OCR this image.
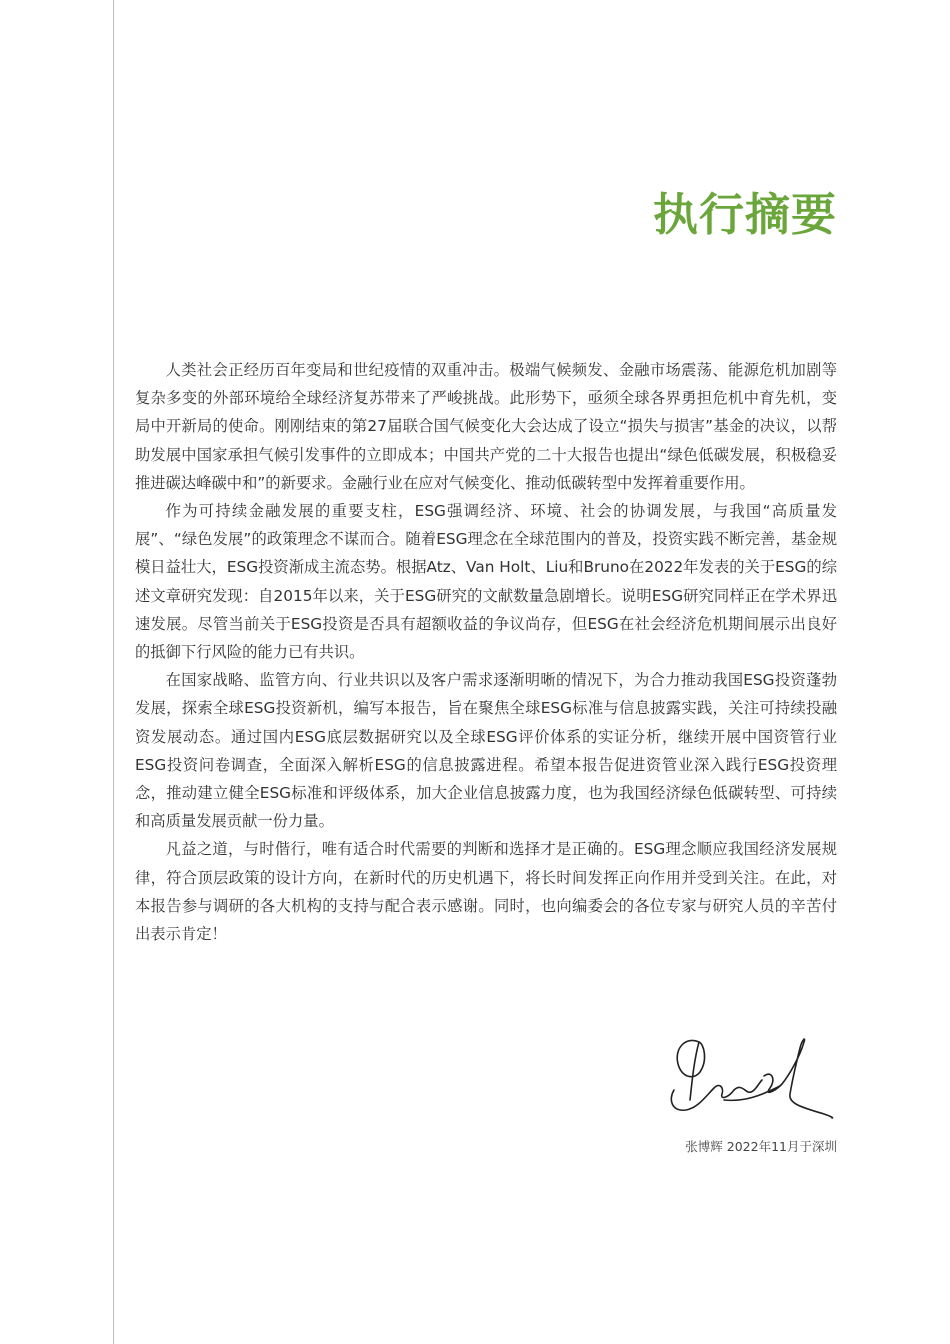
执行摘要

人类社会正经历百年变局和世纪疫情的双重冲击。极端气候频发、金融市场震荡、能源危机加剧等复杂多变的外部环境给全球经济复苏带来了严峻挑战。此形势下，亟须全球各界勇担危机中育先机，变局中开新局的使命。刚刚结束的第27届联合国气候变化大会达成了设立“损失与损害”基金的决议，以帮助发展中国家承担气候引发事件的立即成本；中国共产党的二十大报告也提出“绿色低碳发展，积极稳妥推进碳达峰碳中和”的新要求。金融行业在应对气候变化、推动低碳转型中发挥着重要作用。

作为可持续金融发展的重要支柱，ESG强调经济、环境、社会的协调发展，与我国“高质量发展”、“绿色发展”的政策理念不谋而合。随着ESG理念在全球范围内的普及，投资实践不断完善，基金规模日益壮大，ESG投资渐成主流态势。根据Atz、Van Holt、Liu和Bruno在2022年发表的关于ESG的综述文章研究发现：自2015年以来，关于ESG研究的文献数量急剧增长。说明ESG研究同样正在学术界迅速发展。尽管当前关于ESG投资是否具有超额收益的争议尚存，但ESG在社会经济危机期间展示出良好的抵御下行风险的能力已有共识。

在国家战略、监管方向、行业共识以及客户需求逐渐明晰的情况下，为合力推动我国ESG投资蓬勃发展，探索全球ESG投资新机，编写本报告，旨在聚焦全球ESG标准与信息披露实践，关注可持续投融资发展动态。通过国内ESG底层数据研究以及全球ESG评价体系的实证分析，继续开展中国资管行业ESG投资问卷调查，全面深入解析ESG的信息披露进程。希望本报告促进资管业深入践行ESG投资理念，推动建立健全ESG标准和评级体系，加大企业信息披露力度，也为我国经济绿色低碳转型、可持续和高质量发展贡献一份力量。

凡益之道，与时偕行，唯有适合时代需要的判断和选择才是正确的。ESG理念顺应我国经济发展规律，符合顶层政策的设计方向，在新时代的历史机遇下，将长时间发挥正向作用并受到关注。在此，对本报告参与调研的各大机构的支持与配合表示感谢。同时，也向编委会的各位专家与研究人员的辛苦付出表示肯定！

张博辉 2022年11月于深圳
